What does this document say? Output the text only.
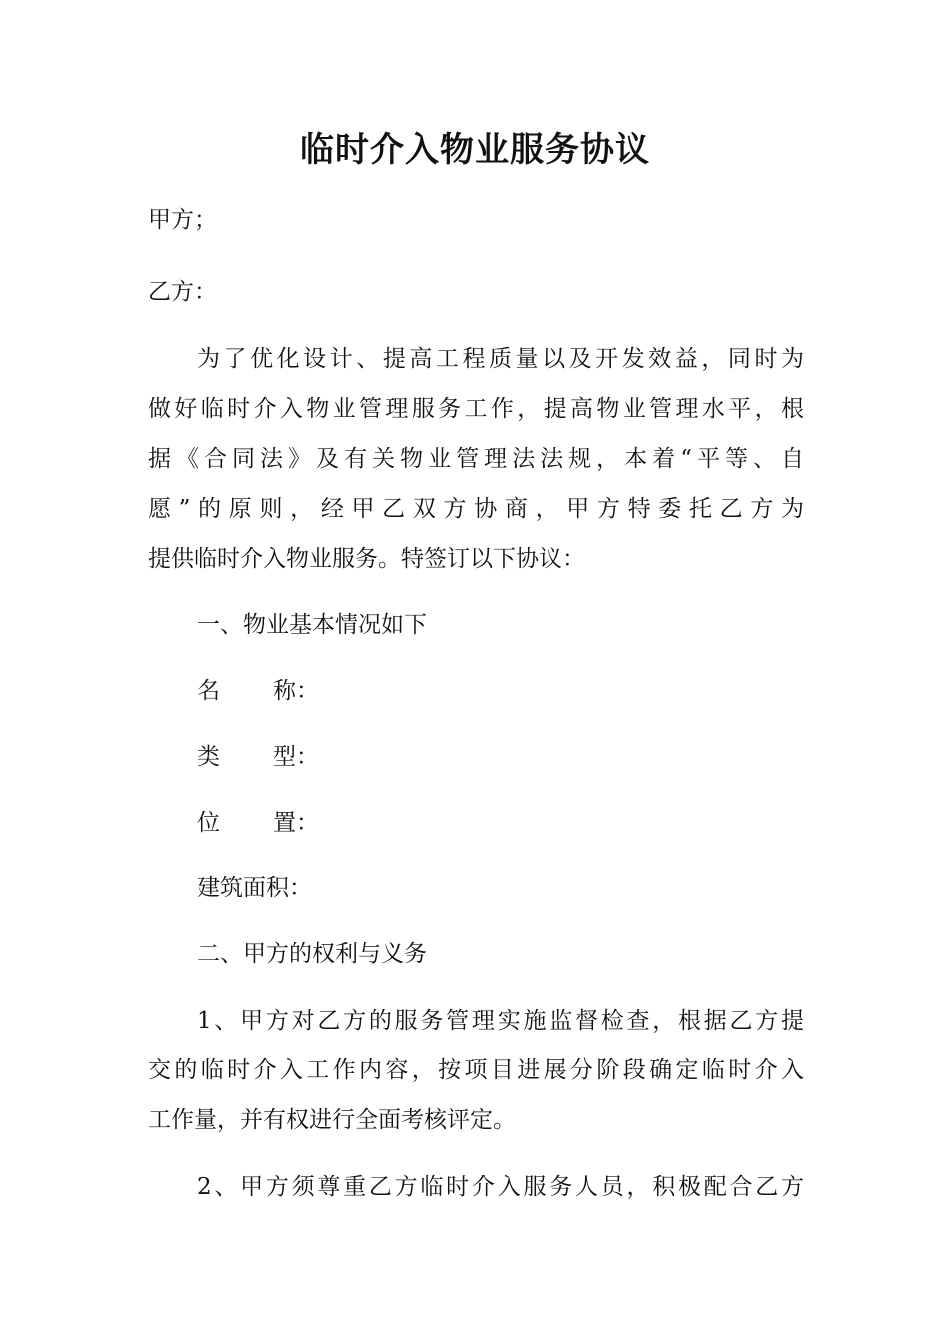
临时介入物业服务协议
甲方；
乙方：
为了优化设计、提高工程质量以及开发效益，同时为
做好临时介入物业管理服务工作，提高物业管理水平，根
据《合同法》及有关物业管理法法规，本着“平等、自
愿”的原则，经甲乙双方协商，甲方特委托乙方为
提供临时介入物业服务。特签订以下协议：
一、物业基本情况如下
名 称：
类 型：
位 置：
建筑面积：
二、甲方的权利与义务
1、甲方对乙方的服务管理实施监督检查，根据乙方提
交的临时介入工作内容，按项目进展分阶段确定临时介入
工作量，并有权进行全面考核评定。
2、甲方须尊重乙方临时介入服务人员，积极配合乙方
